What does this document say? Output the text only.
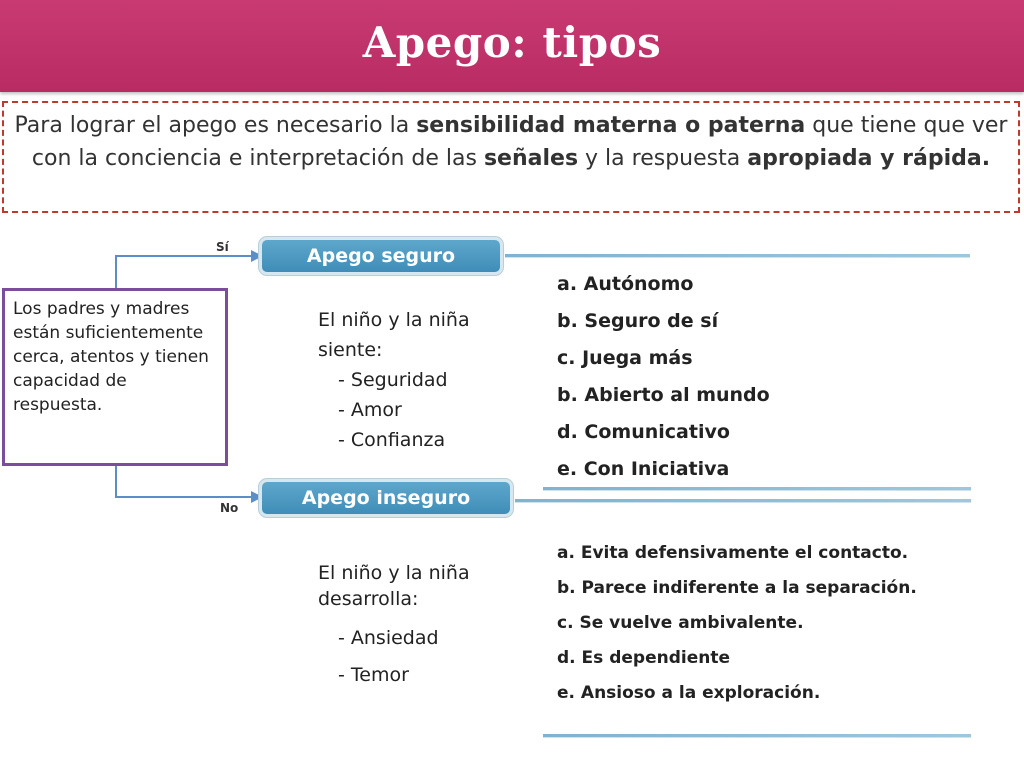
Apego: tipos
Para lograr el apego es necesario la sensibilidad materna o paterna que tiene que ver con la conciencia e interpretación de las señales y la respuesta apropiada y rápida.
Sí
No
Los padres y madres están suficientemente cerca, atentos y tienen capacidad de respuesta.
Apego seguro
El niño y la niña
siente:
- Seguridad
- Amor
- Confianza
a. Autónomo
b. Seguro de sí
c. Juega más
b. Abierto al mundo
d. Comunicativo
e. Con Iniciativa
Apego inseguro
El niño y la niña
desarrolla:
- Ansiedad
- Temor
a. Evita defensivamente el contacto.
b. Parece indiferente a la separación.
c. Se vuelve ambivalente.
d. Es dependiente
e. Ansioso a la exploración.
